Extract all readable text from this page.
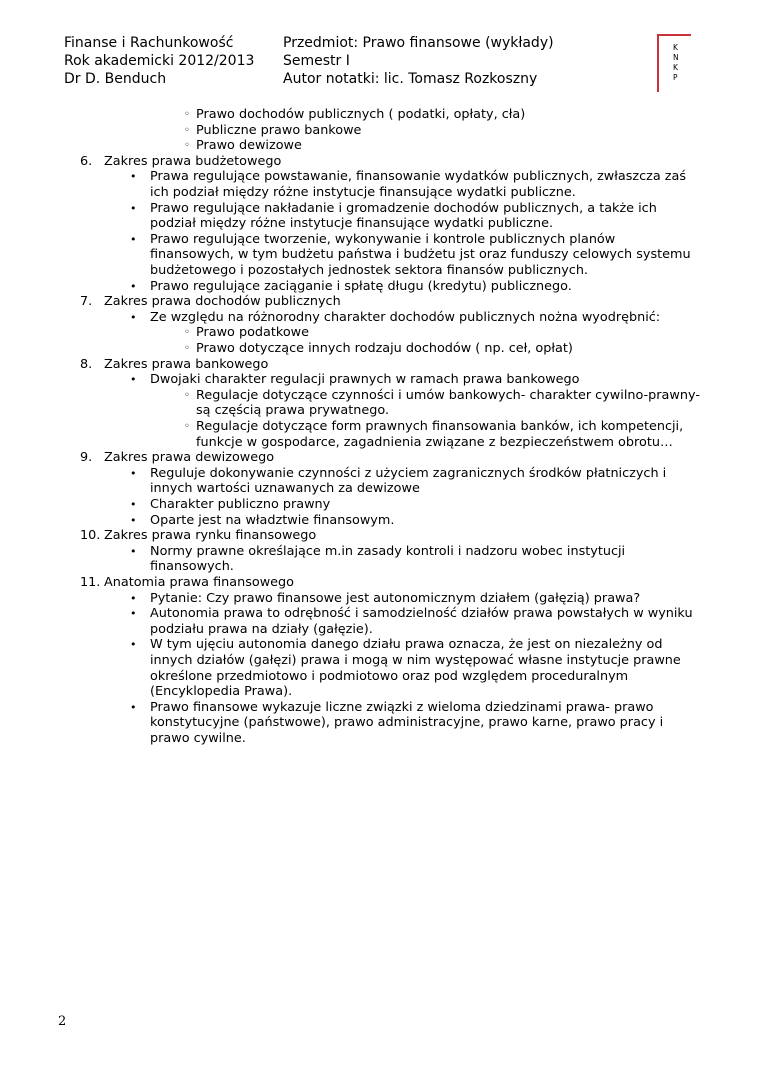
Finanse i Rachunkowość
Rok akademicki 2012/2013
Dr D. Benduch
Przedmiot: Prawo finansowe (wykłady)
Semestr I
Autor notatki: lic. Tomasz Rozkoszny
K
N
K
P
◦ Prawo dochodów publicznych ( podatki, opłaty, cła)
◦ Publiczne prawo bankowe
◦ Prawo dewizowe
6. Zakres prawa budżetowego
• Prawa regulujące powstawanie, finansowanie wydatków publicznych, zwłaszcza zaś
ich podział między różne instytucje finansujące wydatki publiczne.
• Prawo regulujące nakładanie i gromadzenie dochodów publicznych, a także ich
podział między różne instytucje finansujące wydatki publiczne.
• Prawo regulujące tworzenie, wykonywanie i kontrole publicznych planów
finansowych, w tym budżetu państwa i budżetu jst oraz funduszy celowych systemu
budżetowego i pozostałych jednostek sektora finansów publicznych.
• Prawo regulujące zaciąganie i spłatę długu (kredytu) publicznego.
7. Zakres prawa dochodów publicznych
• Ze względu na różnorodny charakter dochodów publicznych nożna wyodrębnić:
◦ Prawo podatkowe
◦ Prawo dotyczące innych rodzaju dochodów ( np. ceł, opłat)
8. Zakres prawa bankowego
• Dwojaki charakter regulacji prawnych w ramach prawa bankowego
◦ Regulacje dotyczące czynności i umów bankowych- charakter cywilno-prawny-
są częścią prawa prywatnego.
◦ Regulacje dotyczące form prawnych finansowania banków, ich kompetencji,
funkcje w gospodarce, zagadnienia związane z bezpieczeństwem obrotu…
9. Zakres prawa dewizowego
• Reguluje dokonywanie czynności z użyciem zagranicznych środków płatniczych i
innych wartości uznawanych za dewizowe
• Charakter publiczno prawny
• Oparte jest na władztwie finansowym.
10. Zakres prawa rynku finansowego
• Normy prawne określające m.in zasady kontroli i nadzoru wobec instytucji
finansowych.
11. Anatomia prawa finansowego
• Pytanie: Czy prawo finansowe jest autonomicznym działem (gałęzią) prawa?
• Autonomia prawa to odrębność i samodzielność działów prawa powstałych w wyniku
podziału prawa na działy (gałęzie).
• W tym ujęciu autonomia danego działu prawa oznacza, że jest on niezależny od
innych działów (gałęzi) prawa i mogą w nim występować własne instytucje prawne
określone przedmiotowo i podmiotowo oraz pod względem proceduralnym
(Encyklopedia Prawa).
• Prawo finansowe wykazuje liczne związki z wieloma dziedzinami prawa- prawo
konstytucyjne (państwowe), prawo administracyjne, prawo karne, prawo pracy i
prawo cywilne.
2
